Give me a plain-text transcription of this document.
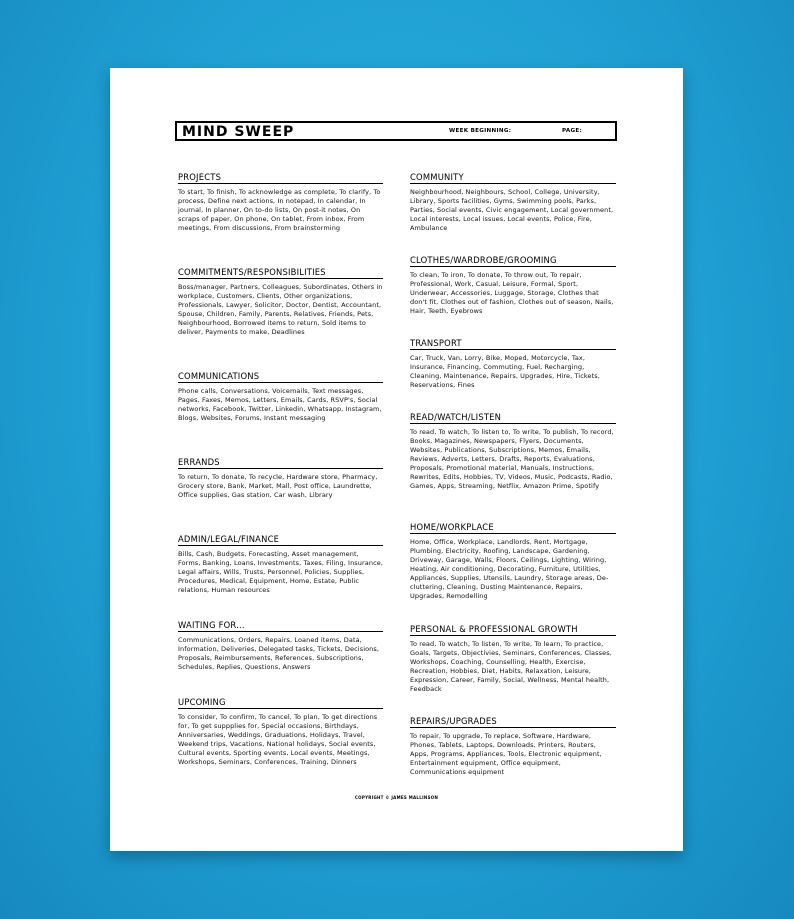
MIND SWEEP	WEEK BEGINNING:	PAGE:
PROJECTS
To start, To finish, To acknowledge as complete, To clarify, To process, Define next actions, In notepad, In calendar, In journal, In planner, On to-do lists, On post-it notes, On scraps of paper, On phone, On tablet, From inbox, From meetings, From discussions, From brainstorming
COMMITMENTS/RESPONSIBILITIES
Boss/manager, Partners, Colleagues, Subordinates, Others in workplace, Customers, Clients, Other organizations, Professionals, Lawyer, Solicitor, Doctor, Dentist, Accountant, Spouse, Children, Family, Parents, Relatives, Friends, Pets, Neighbourhood, Borrowed items to return, Sold items to deliver, Payments to make, Deadlines
COMMUNICATIONS
Phone calls, Conversations, Voicemails, Text messages, Pages, Faxes, Memos, Letters, Emails, Cards, RSVP's, Social networks, Facebook, Twitter, Linkedin, Whatsapp, Instagram, Blogs, Websites, Forums, Instant messaging
ERRANDS
To return, To donate, To recycle, Hardware store, Pharmacy, Grocery store, Bank, Market, Mall, Post office, Laundrette, Office supplies, Gas station, Car wash, Library
ADMIN/LEGAL/FINANCE
Bills, Cash, Budgets, Forecasting, Asset management, Forms, Banking, Loans, Investments, Taxes, Filing, Insurance, Legal affairs, Wills, Trusts, Personnel, Policies, Supplies, Procedures, Medical, Equipment, Home, Estate, Public relations, Human resources
WAITING FOR...
Communications, Orders, Repairs, Loaned items, Data, Information, Deliveries, Delegated tasks, Tickets, Decisions, Proposals, Reimbursements, References, Subscriptions, Schedules, Replies, Questions, Answers
UPCOMING
To consider, To confirm, To cancel, To plan, To get directions for, To get suppplies for, Special occasions, Birthdays, Anniversaries, Weddings, Graduations, Holidays, Travel, Weekend trips, Vacations, National holidays, Social events, Cultural events, Sporting events, Local events, Meetings, Workshops, Seminars, Conferences, Training, Dinners
COMMUNITY
Neighbourhood, Neighbours, School, College, University, Library, Sports facilities, Gyms, Swimming pools, Parks, Parties, Social events, Civic engagement, Local government, Local interests, Local issues, Local events, Police, Fire, Ambulance
CLOTHES/WARDROBE/GROOMING
To clean, To iron, To donate, To throw out, To repair, Professional, Work, Casual, Leisure, Formal, Sport, Underwear, Accessories, Luggage, Storage, Clothes that don't fit, Clothes out of fashion, Clothes out of season, Nails, Hair, Teeth, Eyebrows
TRANSPORT
Car, Truck, Van, Lorry, Bike, Moped, Motorcycle, Tax, Insurance, Financing, Commuting, Fuel, Recharging, Cleaning, Maintenance, Repairs, Upgrades, Hire, Tickets, Reservations, Fines
READ/WATCH/LISTEN
To read, To watch, To listen to, To write, To publish, To record, Books, Magazines, Newspapers, Flyers, Documents, Websites, Publications, Subscriptions, Memos, Emails, Reviews, Adverts, Letters, Drafts, Reports, Evaluations, Proposals, Promotional material, Manuals, Instructions, Rewrites, Edits, Hobbies, TV, Videos, Music, Podcasts, Radio, Games, Apps, Streaming, Netflix, Amazon Prime, Spotify
HOME/WORKPLACE
Home, Office, Workplace, Landlords, Rent, Mortgage, Plumbing, Electricity, Roofing, Landscape, Gardening, Driveway, Garage, Walls, Floors, Ceilings, Lighting, Wiring, Heating, Air conditioning, Decorating, Furniture, Utilities, Appliances, Supplies, Utensils, Laundry, Storage areas, De-cluttering, Cleaning, Dusting Maintenance, Repairs, Upgrades, Remodelling
PERSONAL & PROFESSIONAL GROWTH
To read, To watch, To listen, To write, To learn, To practice, Goals, Targets, Objectivies, Seminars, Conferences, Classes, Workshops, Coaching, Counselling, Health, Exercise, Recreation, Hobbies, Diet, Habits, Relaxation, Leisure, Expression, Career, Family, Social, Wellness, Mental health, Feedback
REPAIRS/UPGRADES
To repair, To upgrade, To replace, Software, Hardware, Phones, Tablets, Laptops, Downloads, Printers, Routers, Apps, Programs, Appliances, Tools, Electronic equipment, Entertainment equipment, Office equipment, Communications equipment
COPYRIGHT © JAMES MALLINSON
